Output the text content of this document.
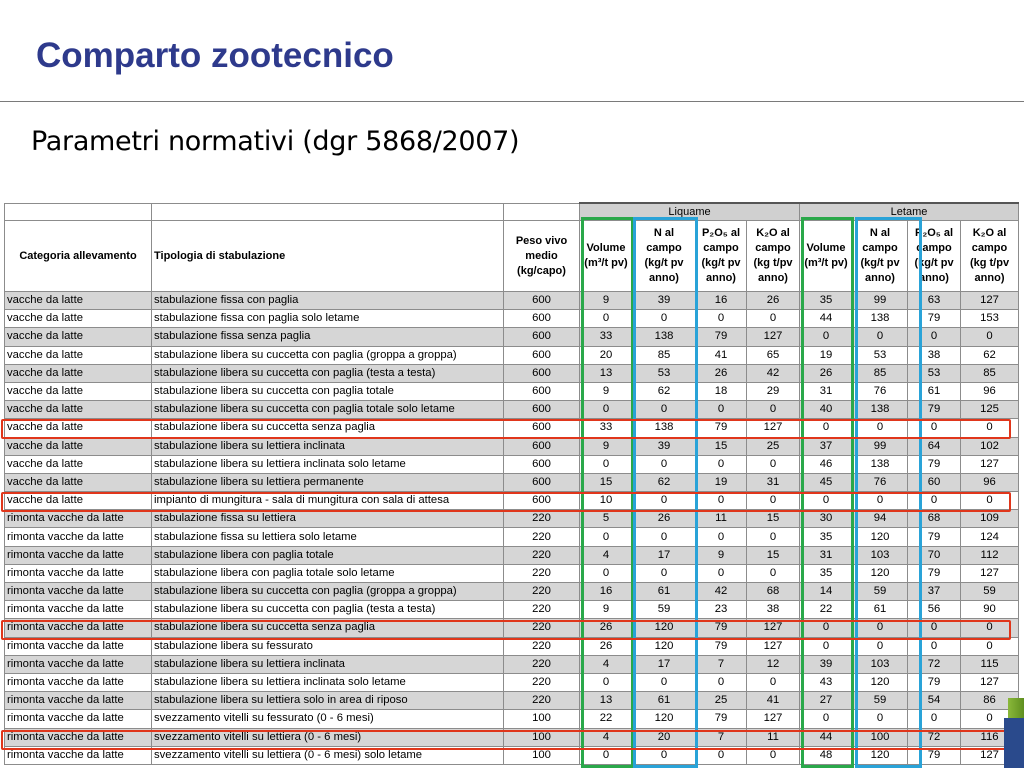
Comparto zootecnico
Parametri normativi (dgr 5868/2007)
			Liquame				Letame			
Categoria allevamento	Tipologia di stabulazione	Peso vivo medio (kg/capo)	Volume (m³/t pv)	N al campo (kg/t pv anno)	P₂O₅ al campo (kg/t pv anno)	K₂O al campo (kg t/pv anno)	Volume (m³/t pv)	N al campo (kg/t pv anno)	P₂O₅ al campo (kg/t pv anno)	K₂O al campo (kg t/pv anno)
vacche da latte	stabulazione fissa con paglia	600	9	39	16	26	35	99	63	127
vacche da latte	stabulazione fissa con paglia solo letame	600	0	0	0	0	44	138	79	153
vacche da latte	stabulazione fissa senza paglia	600	33	138	79	127	0	0	0	0
vacche da latte	stabulazione libera su cuccetta con paglia (groppa a groppa)	600	20	85	41	65	19	53	38	62
vacche da latte	stabulazione libera su cuccetta con paglia (testa a testa)	600	13	53	26	42	26	85	53	85
vacche da latte	stabulazione libera su cuccetta con paglia totale	600	9	62	18	29	31	76	61	96
vacche da latte	stabulazione libera su cuccetta con paglia totale solo letame	600	0	0	0	0	40	138	79	125
vacche da latte	stabulazione libera su cuccetta senza paglia	600	33	138	79	127	0	0	0	0
vacche da latte	stabulazione libera su lettiera inclinata	600	9	39	15	25	37	99	64	102
vacche da latte	stabulazione libera su lettiera inclinata solo letame	600	0	0	0	0	46	138	79	127
vacche da latte	stabulazione libera su lettiera permanente	600	15	62	19	31	45	76	60	96
vacche da latte	impianto di mungitura - sala di mungitura con sala di attesa	600	10	0	0	0	0	0	0	0
rimonta vacche da latte	stabulazione fissa su lettiera	220	5	26	11	15	30	94	68	109
rimonta vacche da latte	stabulazione fissa su lettiera solo letame	220	0	0	0	0	35	120	79	124
rimonta vacche da latte	stabulazione libera con paglia totale	220	4	17	9	15	31	103	70	112
rimonta vacche da latte	stabulazione libera con paglia totale solo letame	220	0	0	0	0	35	120	79	127
rimonta vacche da latte	stabulazione libera su cuccetta con paglia (groppa a groppa)	220	16	61	42	68	14	59	37	59
rimonta vacche da latte	stabulazione libera su cuccetta con paglia (testa a testa)	220	9	59	23	38	22	61	56	90
rimonta vacche da latte	stabulazione libera su cuccetta senza paglia	220	26	120	79	127	0	0	0	0
rimonta vacche da latte	stabulazione libera su fessurato	220	26	120	79	127	0	0	0	0
rimonta vacche da latte	stabulazione libera su lettiera inclinata	220	4	17	7	12	39	103	72	115
rimonta vacche da latte	stabulazione libera su lettiera inclinata solo letame	220	0	0	0	0	43	120	79	127
rimonta vacche da latte	stabulazione libera su lettiera solo in area di riposo	220	13	61	25	41	27	59	54	86
rimonta vacche da latte	svezzamento vitelli su fessurato (0 - 6 mesi)	100	22	120	79	127	0	0	0	0
rimonta vacche da latte	svezzamento vitelli su lettiera (0 - 6 mesi)	100	4	20	7	11	44	100	72	116
rimonta vacche da latte	svezzamento vitelli su lettiera (0 - 6 mesi) solo letame	100	0	0	0	0	48	120	79	127
